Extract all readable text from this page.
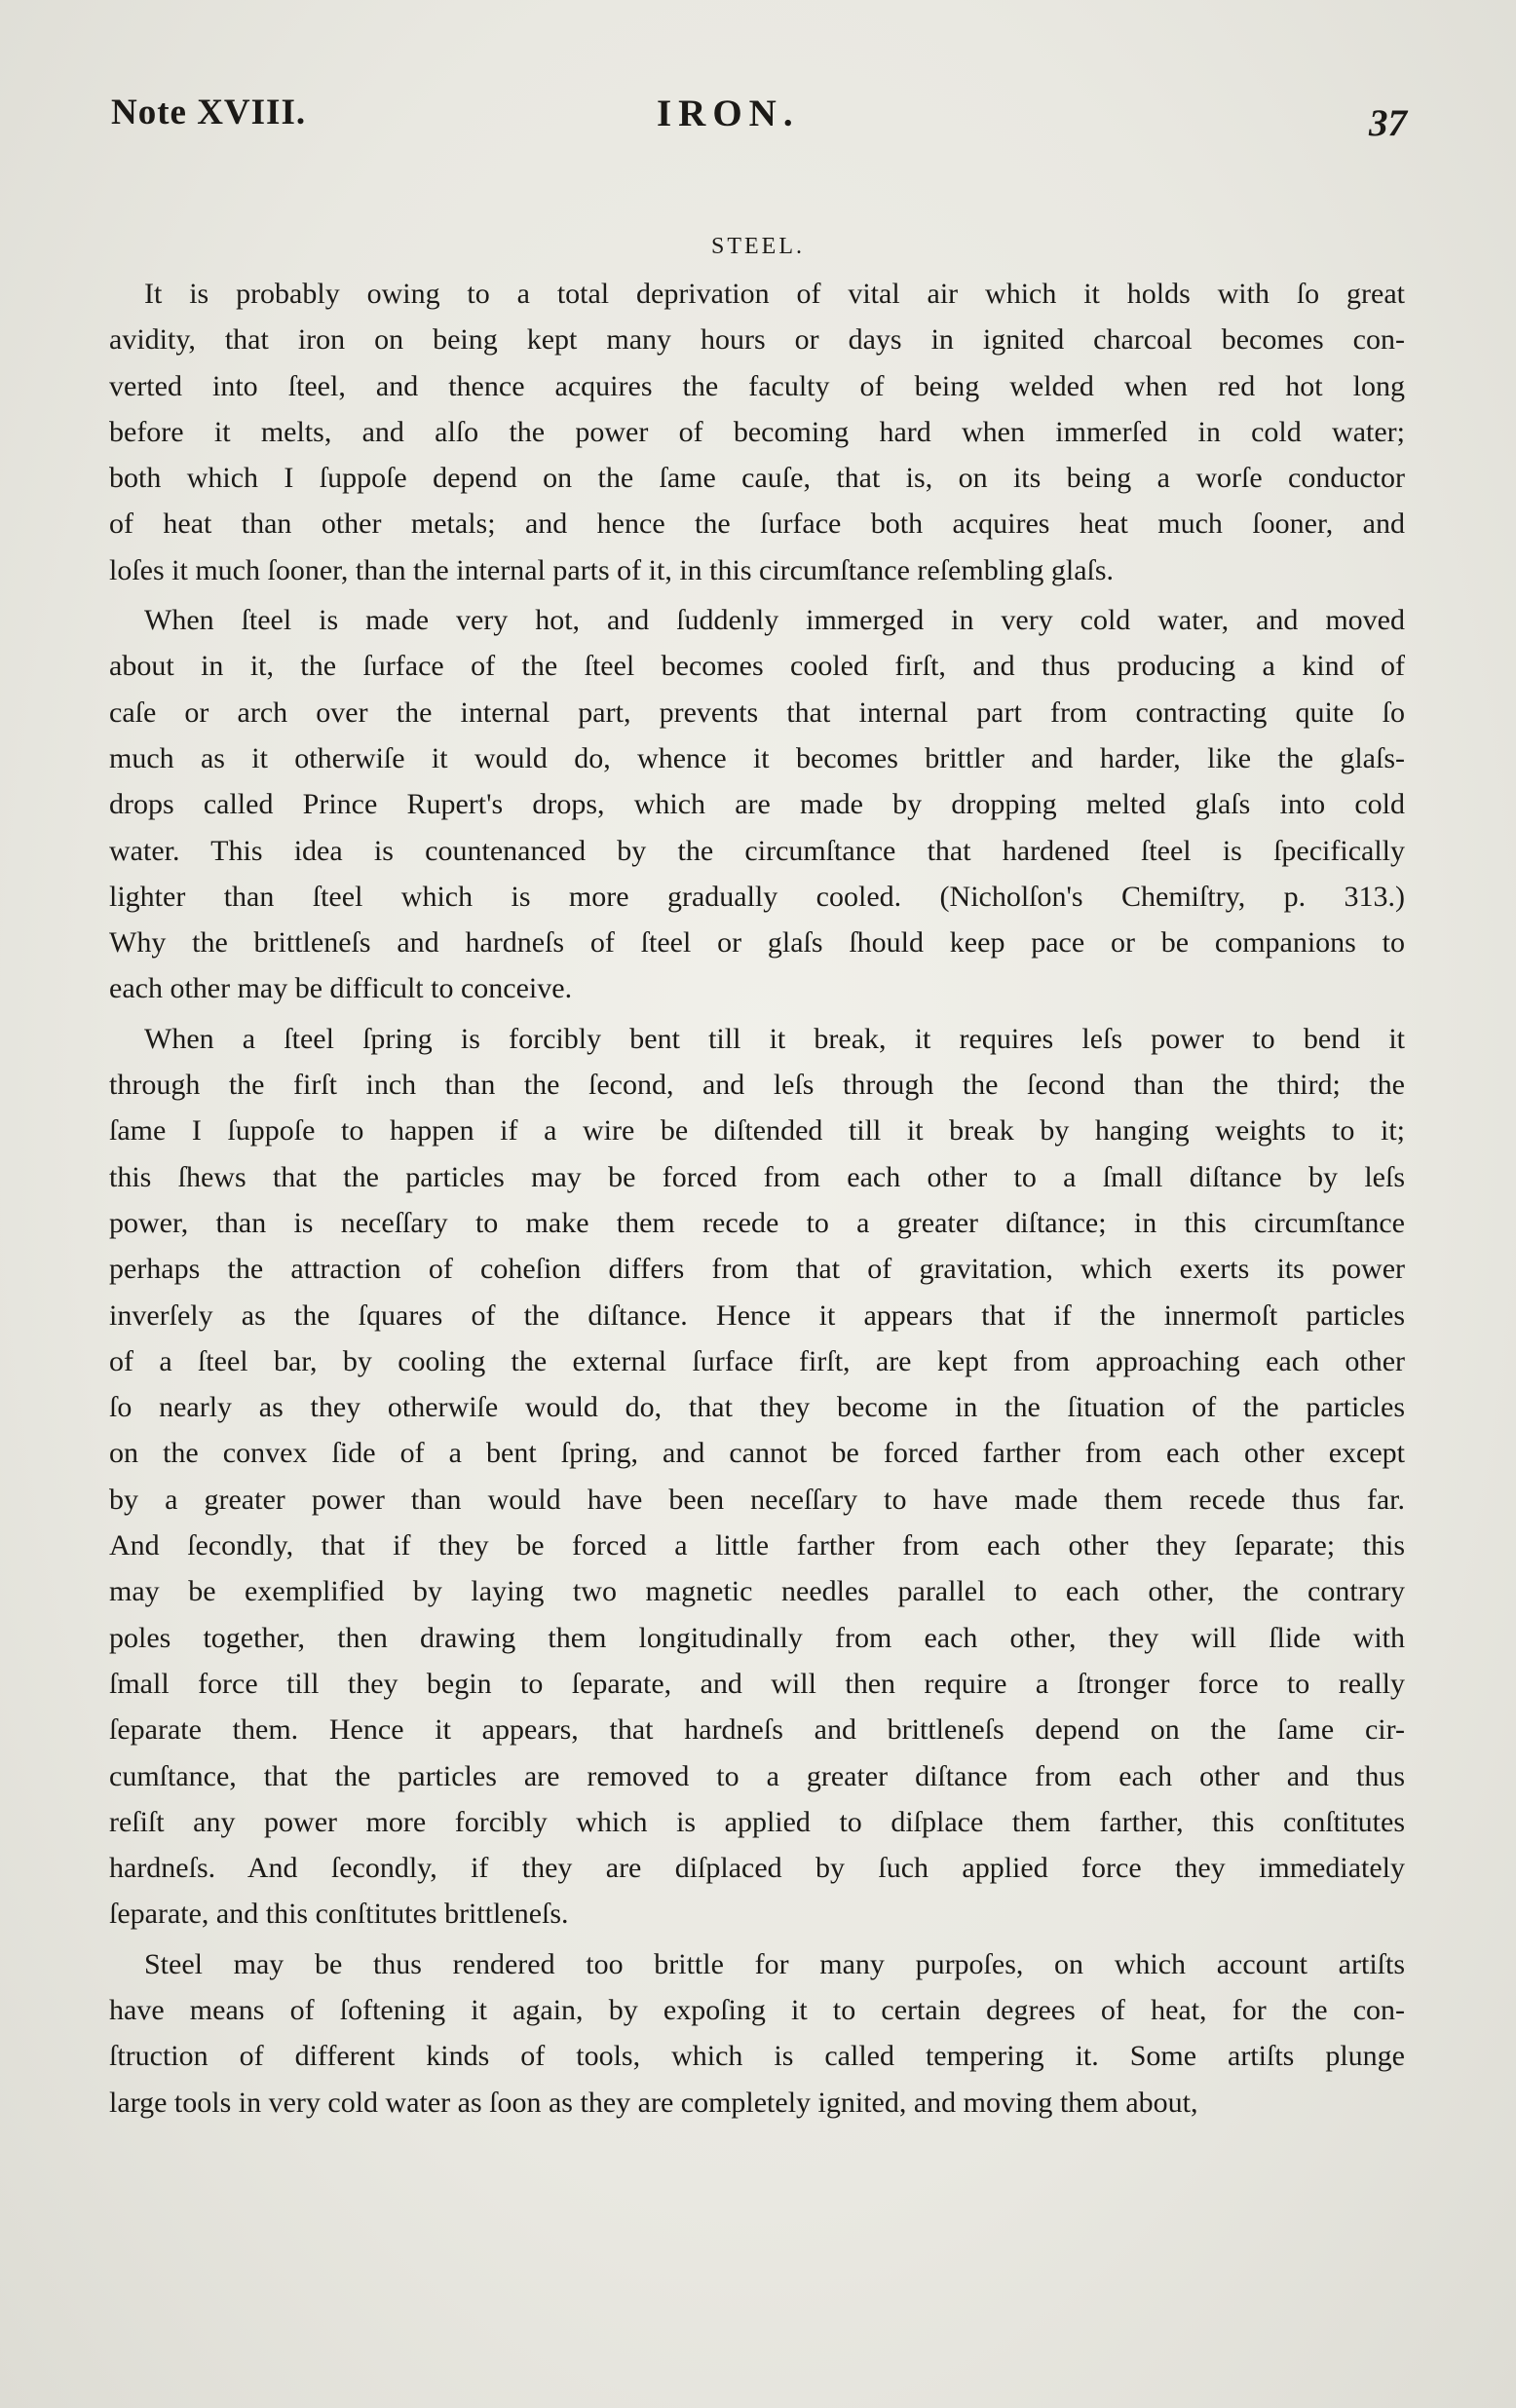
Note XVIII.	IRON.	37
STEEL.
It is probably owing to a total deprivation of vital air which it holds with ſo great
avidity, that iron on being kept many hours or days in ignited charcoal becomes con-
verted into ſteel, and thence acquires the faculty of being welded when red hot long
before it melts, and alſo the power of becoming hard when immerſed in cold water;
both which I ſuppoſe depend on the ſame cauſe, that is, on its being a worſe conductor
of heat than other metals; and hence the ſurface both acquires heat much ſooner, and
loſes it much ſooner, than the internal parts of it, in this circumſtance reſembling glaſs.
When ſteel is made very hot, and ſuddenly immerged in very cold water, and moved
about in it, the ſurface of the ſteel becomes cooled firſt, and thus producing a kind of
caſe or arch over the internal part, prevents that internal part from contracting quite ſo
much as it otherwiſe it would do, whence it becomes brittler and harder, like the glaſs-
drops called Prince Rupert's drops, which are made by dropping melted glaſs into cold
water. This idea is countenanced by the circumſtance that hardened ſteel is ſpecifically
lighter than ſteel which is more gradually cooled. (Nicholſon's Chemiſtry, p. 313.)
Why the brittleneſs and hardneſs of ſteel or glaſs ſhould keep pace or be companions to
each other may be difficult to conceive.
When a ſteel ſpring is forcibly bent till it break, it requires leſs power to bend it
through the firſt inch than the ſecond, and leſs through the ſecond than the third; the
ſame I ſuppoſe to happen if a wire be diſtended till it break by hanging weights to it;
this ſhews that the particles may be forced from each other to a ſmall diſtance by leſs
power, than is neceſſary to make them recede to a greater diſtance; in this circumſtance
perhaps the attraction of coheſion differs from that of gravitation, which exerts its power
inverſely as the ſquares of the diſtance. Hence it appears that if the innermoſt particles
of a ſteel bar, by cooling the external ſurface firſt, are kept from approaching each other
ſo nearly as they otherwiſe would do, that they become in the ſituation of the particles
on the convex ſide of a bent ſpring, and cannot be forced farther from each other except
by a greater power than would have been neceſſary to have made them recede thus far.
And ſecondly, that if they be forced a little farther from each other they ſeparate; this
may be exemplified by laying two magnetic needles parallel to each other, the contrary
poles together, then drawing them longitudinally from each other, they will ſlide with
ſmall force till they begin to ſeparate, and will then require a ſtronger force to really
ſeparate them. Hence it appears, that hardneſs and brittleneſs depend on the ſame cir-
cumſtance, that the particles are removed to a greater diſtance from each other and thus
reſiſt any power more forcibly which is applied to diſplace them farther, this conſtitutes
hardneſs. And ſecondly, if they are diſplaced by ſuch applied force they immediately
ſeparate, and this conſtitutes brittleneſs.
Steel may be thus rendered too brittle for many purpoſes, on which account artiſts
have means of ſoftening it again, by expoſing it to certain degrees of heat, for the con-
ſtruction of different kinds of tools, which is called tempering it. Some artiſts plunge
large tools in very cold water as ſoon as they are completely ignited, and moving them about,
